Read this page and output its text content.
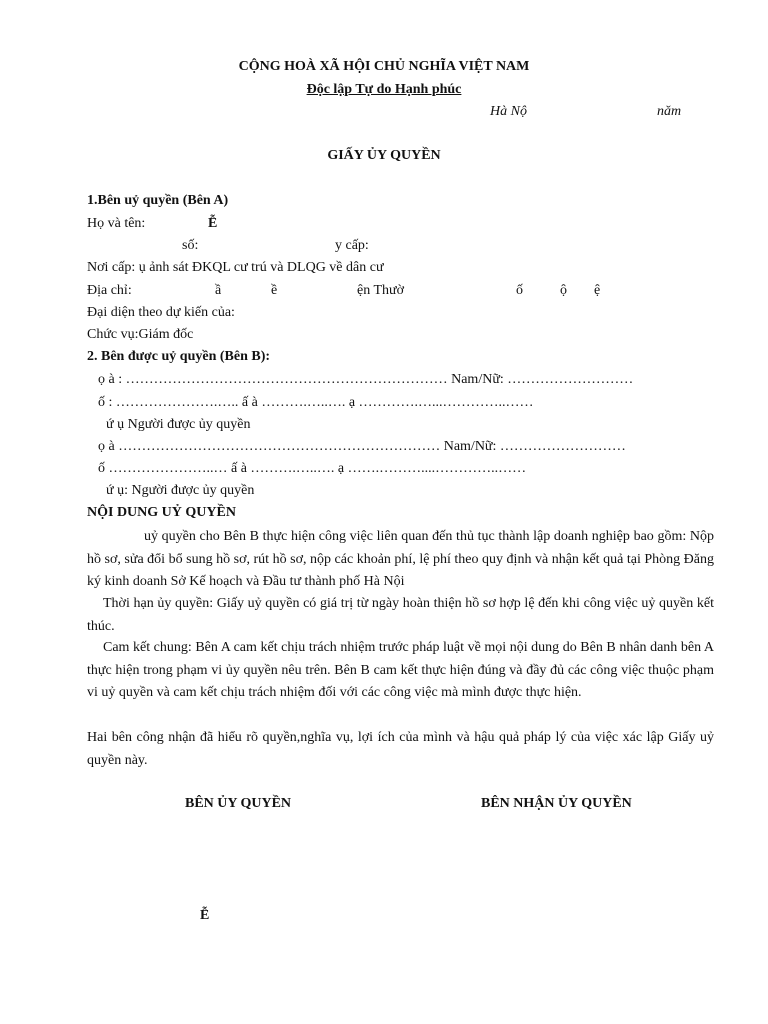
CỘNG HOÀ XÃ HỘI CHỦ NGHĨA VIỆT NAM
Độc lập Tự do Hạnh phúc
Hà Nộ	năm
GIẤY ỦY QUYỀN
1.Bên uỷ quyền (Bên A)
Họ và tên:	Ễ
số:	y cấp:
Nơi cấp: ụ ảnh sát ĐKQL cư trú và DLQG về dân cư
Địa chỉ:	ầ	ề	ện Thườ	ố	ộ ệ
Đại diện theo dự kiến của:
Chức vụ:Giám đốc
2. Bên được uỷ quyền (Bên B):
ọ à : …………………………………………………………… Nam/Nữ: ………………………
ố : ………………….….. ấ à ……….…..…. ạ ………….…...…………..……
ứ ụ Người được ủy quyền
ọ à …………………………………………………………… Nam/Nữ: ………………………
ố …………………..… ấ à ……….…..…. ạ …….………....…………..……
ứ ụ: Người được ủy quyền
NỘI DUNG UỶ QUYỀN
uỷ quyền cho Bên B thực hiện công việc liên quan đến thủ tục thành lập doanh nghiệp bao gồm: Nộp hồ sơ, sửa đổi bổ sung hồ sơ, rút hồ sơ, nộp các khoản phí, lệ phí theo quy định và nhận kết quả tại Phòng Đăng ký kinh doanh Sở Kế hoạch và Đầu tư thành phố Hà Nội
Thời hạn ủy quyền: Giấy uỷ quyền có giá trị từ ngày hoàn thiện hồ sơ hợp lệ đến khi công việc uỷ quyền kết thúc.
Cam kết chung: Bên A cam kết chịu trách nhiệm trước pháp luật về mọi nội dung do Bên B nhân danh bên A thực hiện trong phạm vi ủy quyền nêu trên. Bên B cam kết thực hiện đúng và đầy đủ các công việc thuộc phạm vi uỷ quyền và cam kết chịu trách nhiệm đối với các công việc mà mình được thực hiện.
Hai bên công nhận đã hiểu rõ quyền,nghĩa vụ, lợi ích của mình và hậu quả pháp lý của việc xác lập Giấy uỷ quyền này.
BÊN ỦY QUYỀN	BÊN NHẬN ỦY QUYỀN
Ễ
